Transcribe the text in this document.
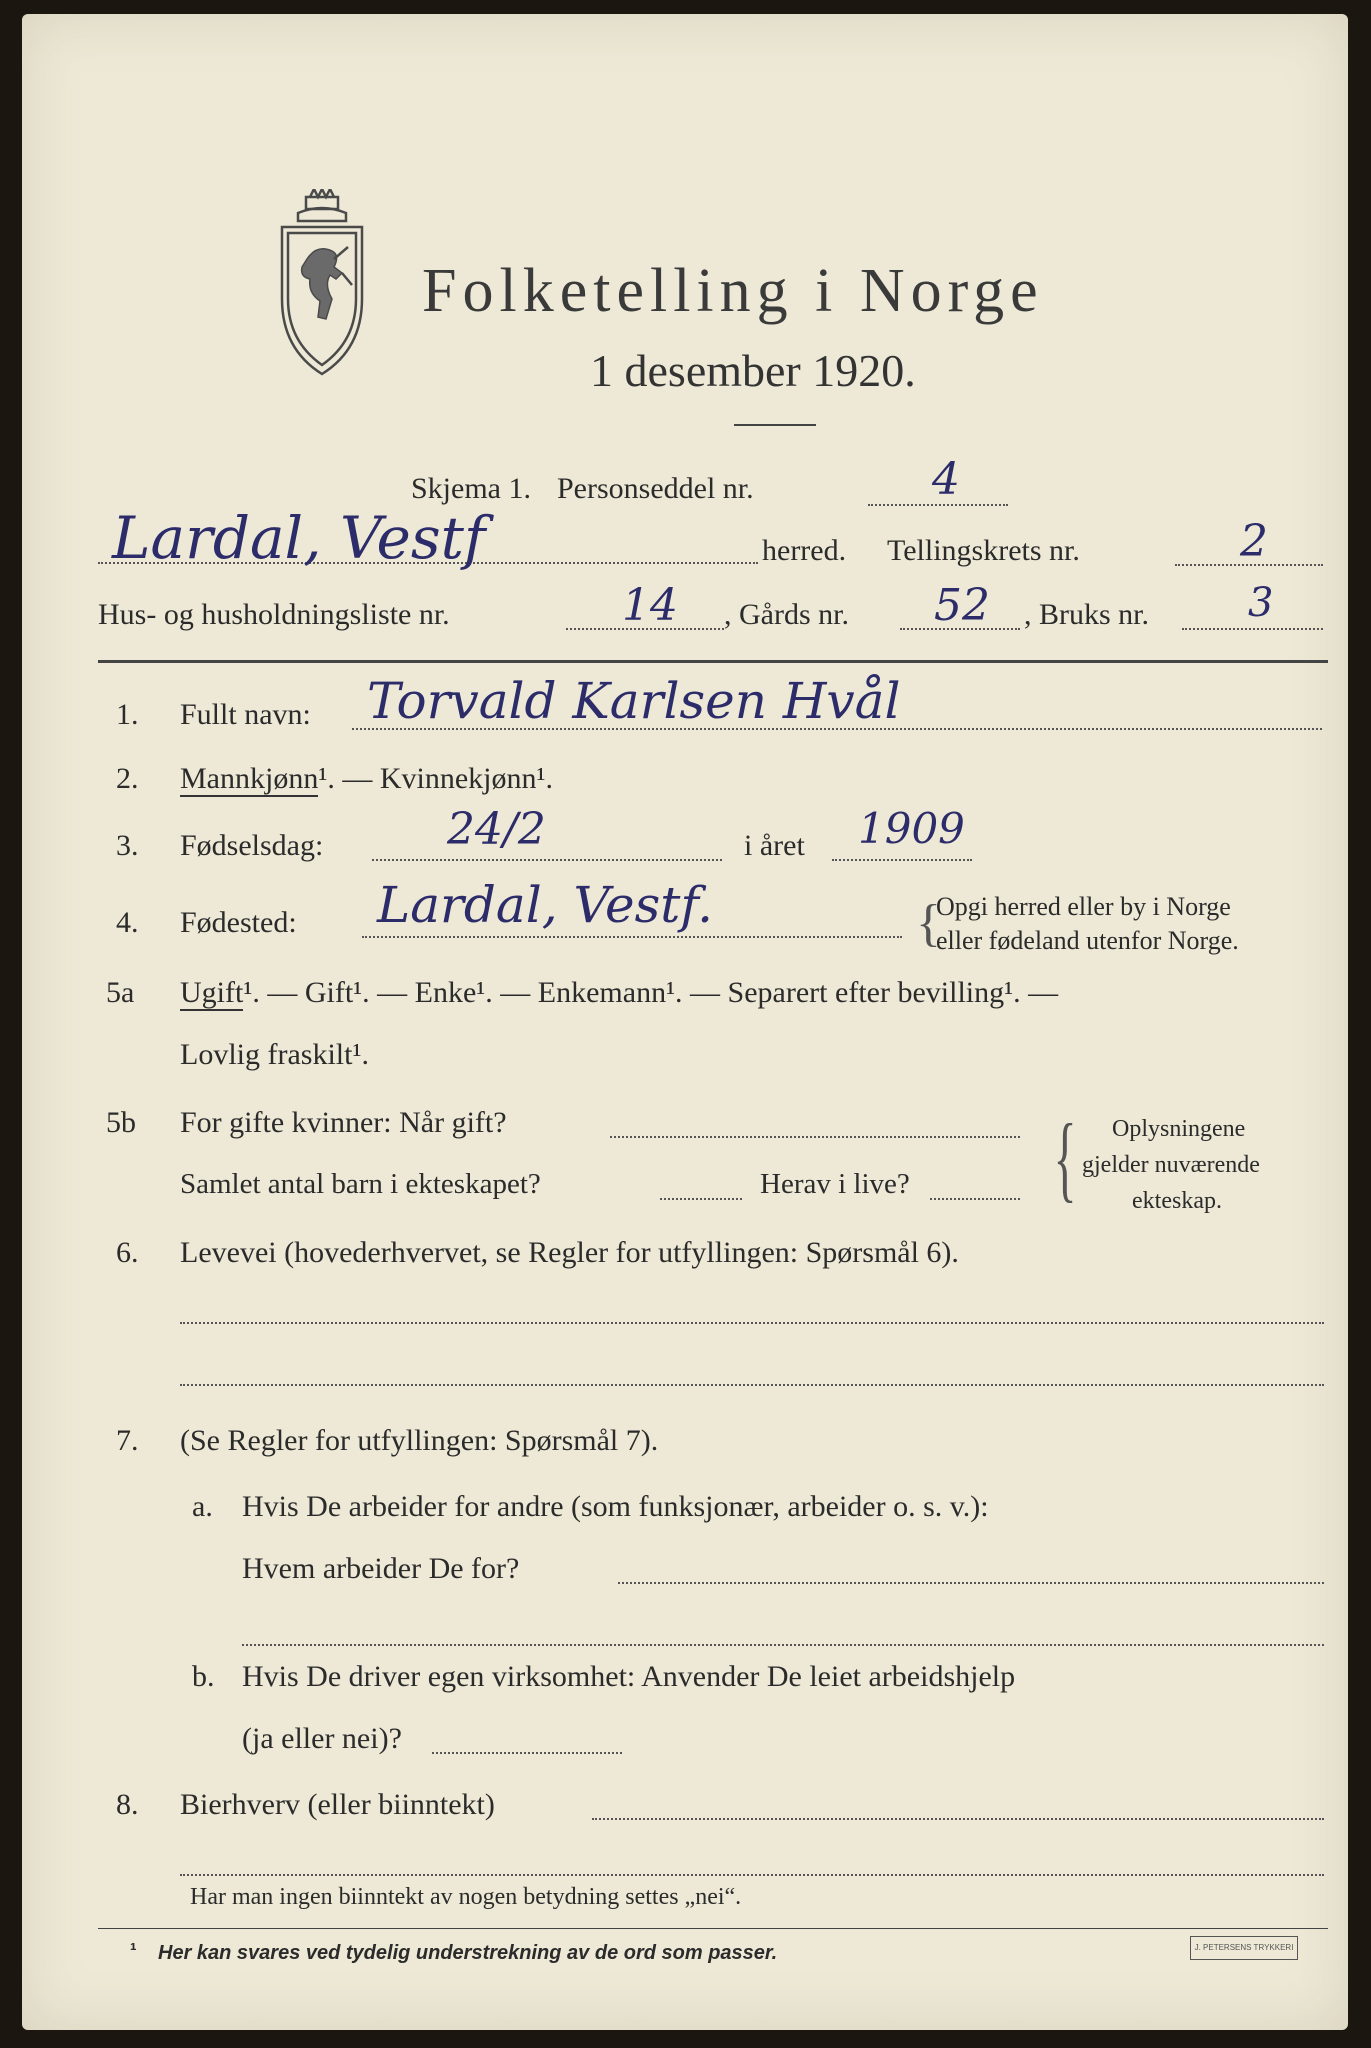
Folketelling i Norge
1 desember 1920.
Skjema 1. Personseddel nr.	4
Lardal, Vestf	herred. Tellingskrets nr.	2
Hus- og husholdningsliste nr.	14 , Gårds nr. 52 , Bruks nr. 3
1. Fullt navn: Torvald Karlsen Hvål
2. Mannkjønn¹. — Kvinnekjønn¹.
3. Fødselsdag:	24/2	i året 1909
4. Fødested: Lardal, Vestf.	{
Opgi herred eller by i Norge
eller fødeland utenfor Norge.
5a Ugift¹. — Gift¹. — Enke¹. — Enkemann¹. — Separert efter bevilling¹. —
Lovlig fraskilt¹.
5b For gifte kvinner: Når gift?
Samlet antal barn i ekteskapet?	Herav i live? { Oplysningene
gjelder nuværende
ekteskap.
6. Levevei (hovederhvervet, se Regler for utfyllingen: Spørsmål 6).
7. (Se Regler for utfyllingen: Spørsmål 7).
a. Hvis De arbeider for andre (som funksjonær, arbeider o. s. v.):
Hvem arbeider De for?
b. Hvis De driver egen virksomhet: Anvender De leiet arbeidshjelp
(ja eller nei)?
8. Bierhverv (eller biinntekt)
Har man ingen biinntekt av nogen betydning settes „nei“.
¹ Her kan svares ved tydelig understrekning av de ord som passer.	J. PETERSENS TRYKKERI
